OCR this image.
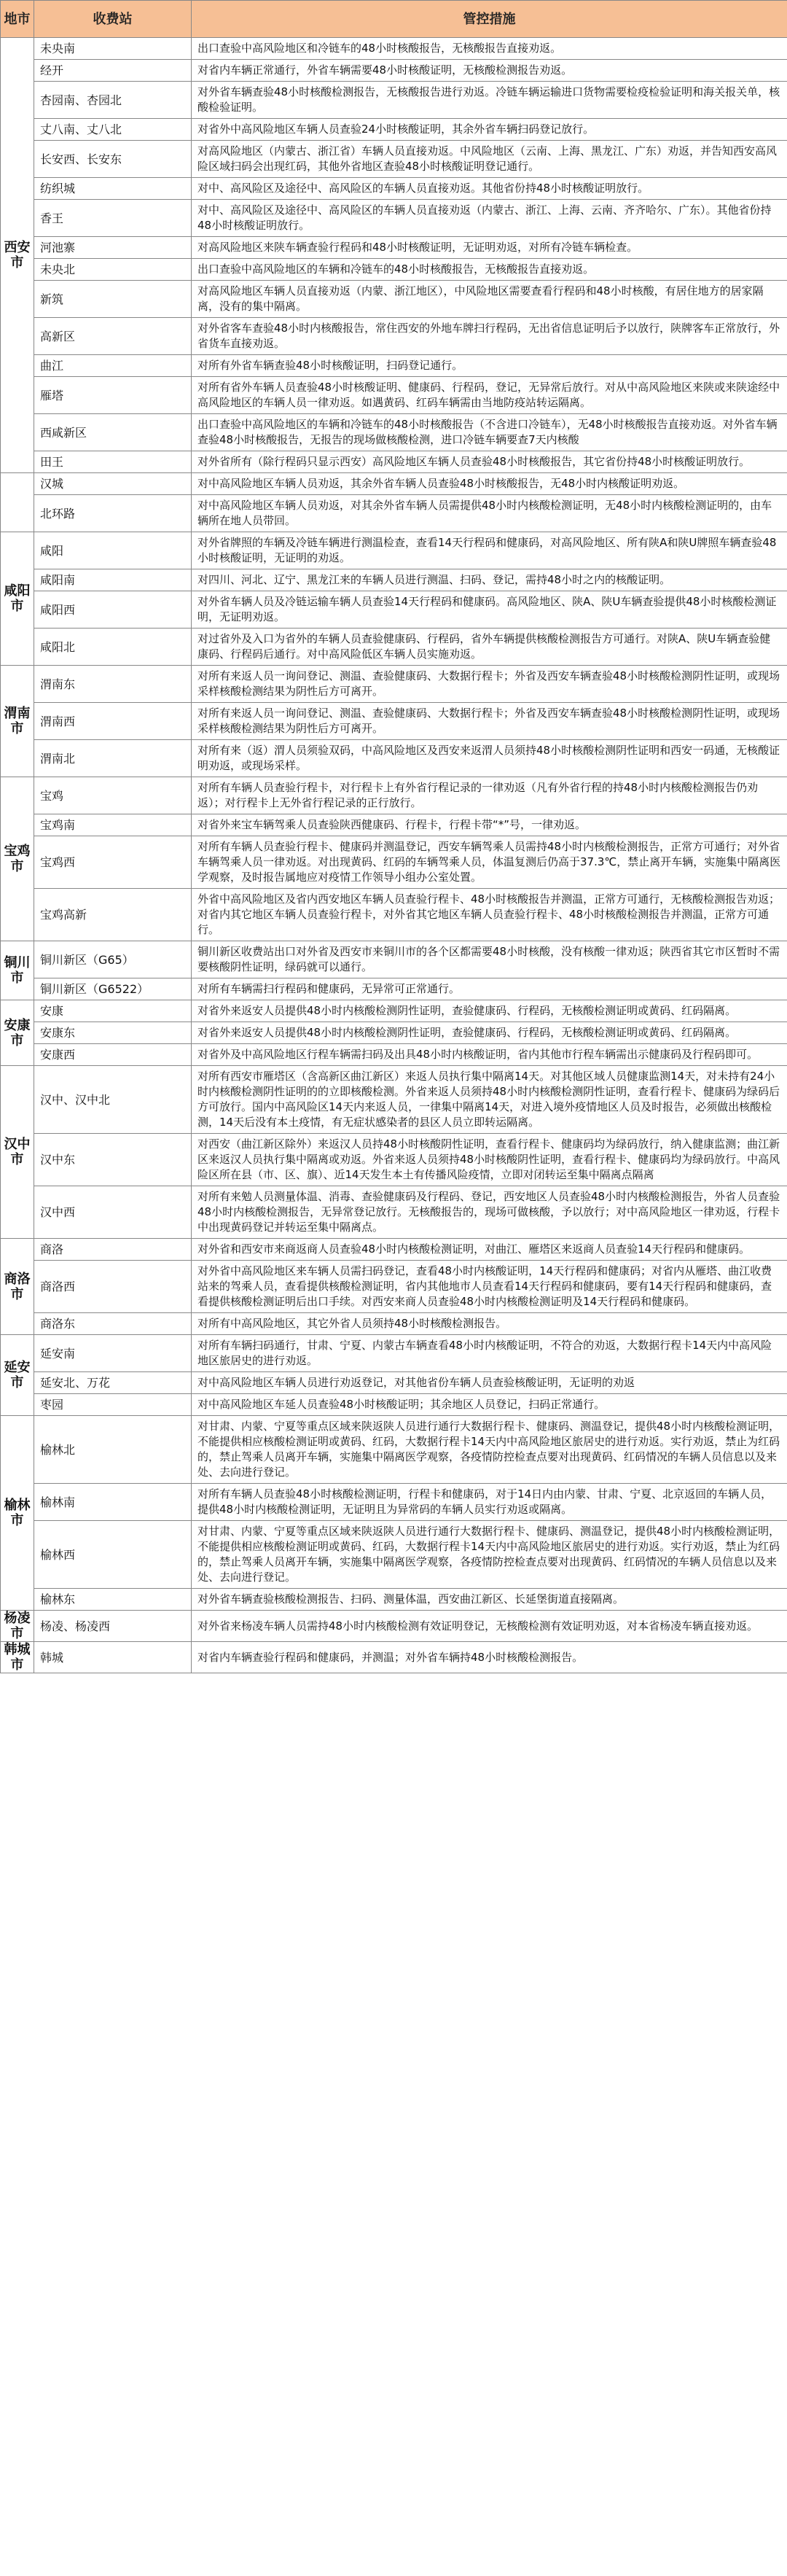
地市	收费站	管控措施
西安市	未央南	出口查验中高风险地区和冷链车的48小时核酸报告，无核酸报告直接劝返。
	经开	对省内车辆正常通行，外省车辆需要48小时核酸证明，无核酸检测报告劝返。
	杏园南、杏园北	对外省车辆查验48小时核酸检测报告，无核酸报告进行劝返。冷链车辆运输进口货物需要检疫检验证明和海关报关单，核酸检验证明。
	丈八南、丈八北	对省外中高风险地区车辆人员查验24小时核酸证明，其余外省车辆扫码登记放行。
	长安西、长安东	对高风险地区（内蒙古、浙江省）车辆人员直接劝返。中风险地区（云南、上海、黑龙江、广东）劝返，并告知西安高风险区域扫码会出现红码，其他外省地区查验48小时核酸证明登记通行。
	纺织城	对中、高风险区及途径中、高风险区的车辆人员直接劝返。其他省份持48小时核酸证明放行。
	香王	对中、高风险区及途径中、高风险区的车辆人员直接劝返（内蒙古、浙江、上海、云南、齐齐哈尔、广东）。其他省份持48小时核酸证明放行。
	河池寨	对高风险地区来陕车辆查验行程码和48小时核酸证明，无证明劝返，对所有冷链车辆检查。
	未央北	出口查验中高风险地区的车辆和冷链车的48小时核酸报告，无核酸报告直接劝返。
	新筑	对高风险地区车辆人员直接劝返（内蒙、浙江地区），中风险地区需要查看行程码和48小时核酸，有居住地方的居家隔离，没有的集中隔离。
	高新区	对外省客车查验48小时内核酸报告，常住西安的外地车牌扫行程码，无出省信息证明后予以放行，陕牌客车正常放行，外省货车直接劝返。
	曲江	对所有外省车辆查验48小时核酸证明，扫码登记通行。
	雁塔	对所有省外车辆人员查验48小时核酸证明、健康码、行程码，登记，无异常后放行。对从中高风险地区来陕或来陕途经中高风险地区的车辆人员一律劝返。如遇黄码、红码车辆需由当地防疫站转运隔离。
	西咸新区	出口查验中高风险地区的车辆和冷链车的48小时核酸报告（不含进口冷链车），无48小时核酸报告直接劝返。对外省车辆查验48小时核酸报告，无报告的现场做核酸检测，进口冷链车辆要查7天内核酸
	田王	对外省所有（除行程码只显示西安）高风险地区车辆人员查验48小时核酸报告，其它省份持48小时核酸证明放行。
	汉城	对中高风险地区车辆人员劝返，其余外省车辆人员查验48小时核酸报告，无48小时内核酸证明劝返。
	北环路	对中高风险地区车辆人员劝返，对其余外省车辆人员需提供48小时内核酸检测证明，无48小时内核酸检测证明的，由车辆所在地人员带回。
咸阳市	咸阳	对外省牌照的车辆及冷链车辆进行测温检查，查看14天行程码和健康码，对高风险地区、所有陕A和陕U牌照车辆查验48小时核酸证明，无证明的劝返。
	咸阳南	对四川、河北、辽宁、黑龙江来的车辆人员进行测温、扫码、登记，需持48小时之内的核酸证明。
	咸阳西	对外省车辆人员及冷链运输车辆人员查验14天行程码和健康码。高风险地区、陕A、陕U车辆查验提供48小时核酸检测证明，无证明劝返。
	咸阳北	对过省外及入口为省外的车辆人员查验健康码、行程码，省外车辆提供核酸检测报告方可通行。对陕A、陕U车辆查验健康码、行程码后通行。对中高风险低区车辆人员实施劝返。
渭南市	渭南东	对所有来返人员一询问登记、测温、查验健康码、大数据行程卡；外省及西安车辆查验48小时核酸检测阴性证明，或现场采样核酸检测结果为阴性后方可离开。
	渭南西	对所有来返人员一询问登记、测温、查验健康码、大数据行程卡；外省及西安车辆查验48小时核酸检测阴性证明，或现场采样核酸检测结果为阴性后方可离开。
	渭南北	对所有来（返）渭人员须验双码，中高风险地区及西安来返渭人员须持48小时核酸检测阴性证明和西安一码通，无核酸证明劝返，或现场采样。
宝鸡市	宝鸡	对所有车辆人员查验行程卡，对行程卡上有外省行程记录的一律劝返（凡有外省行程的持48小时内核酸检测报告仍劝返）；对行程卡上无外省行程记录的正行放行。
	宝鸡南	对省外来宝车辆驾乘人员查验陕西健康码、行程卡，行程卡带“*”号，一律劝返。
	宝鸡西	对所有车辆人员查验行程卡、健康码并测温登记，西安车辆驾乘人员需持48小时内核酸检测报告，正常方可通行；对外省车辆驾乘人员一律劝返。对出现黄码、红码的车辆驾乘人员，体温复测后仍高于37.3℃，禁止离开车辆，实施集中隔离医学观察，及时报告属地应对疫情工作领导小组办公室处置。
	宝鸡高新	外省中高风险地区及省内西安地区车辆人员查验行程卡、48小时核酸报告并测温，正常方可通行，无核酸检测报告劝返；对省内其它地区车辆人员查验行程卡，对外省其它地区车辆人员查验行程卡、48小时核酸检测报告并测温，正常方可通行。
铜川市	铜川新区（G65）	铜川新区收费站出口对外省及西安市来铜川市的各个区都需要48小时核酸，没有核酸一律劝返；陕西省其它市区暂时不需要核酸阴性证明，绿码就可以通行。
	铜川新区（G6522）	对所有车辆需扫行程码和健康码，无异常可正常通行。
安康市	安康	对省外来返安人员提供48小时内核酸检测阴性证明，查验健康码、行程码，无核酸检测证明或黄码、红码隔离。
	安康东	对省外来返安人员提供48小时内核酸检测阴性证明，查验健康码、行程码，无核酸检测证明或黄码、红码隔离。
	安康西	对省外及中高风险地区行程车辆需扫码及出具48小时内核酸证明，省内其他市行程车辆需出示健康码及行程码即可。
汉中市	汉中、汉中北	对所有西安市雁塔区（含高新区曲江新区）来返人员执行集中隔离14天。对其他区域人员健康监测14天，对未持有24小时内核酸检测阴性证明的的立即核酸检测。外省来返人员须持48小时内核酸检测阴性证明，查看行程卡、健康码为绿码后方可放行。国内中高风险区14天内来返人员，一律集中隔离14天，对进入境外疫情地区人员及时报告，必须做出核酸检测，14天后没有本土疫情，有无症状感染者的县区人员立即转运隔离。
	汉中东	对西安（曲江新区除外）来返汉人员持48小时核酸阴性证明，查看行程卡、健康码均为绿码放行，纳入健康监测；曲江新区来返汉人员执行集中隔离或劝返。外省来返人员须持48小时核酸阴性证明，查看行程卡、健康码均为绿码放行。中高风险区所在县（市、区、旗）、近14天发生本土有传播风险疫情，立即对闭转运至集中隔离点隔离
	汉中西	对所有来勉人员测量体温、消毒、查验健康码及行程码、登记，西安地区人员查验48小时内核酸检测报告，外省人员查验48小时内核酸检测报告，无异常登记放行。无核酸报告的，现场可做核酸，予以放行；对中高风险地区一律劝返，行程卡中出现黄码登记并转运至集中隔离点。
商洛市	商洛	对外省和西安市来商返商人员查验48小时内核酸检测证明，对曲江、雁塔区来返商人员查验14天行程码和健康码。
	商洛西	对外省中高风险地区来车辆人员需扫码登记，查看48小时内核酸证明，14天行程码和健康码；对省内从雁塔、曲江收费站来的驾乘人员，查看提供核酸检测证明，省内其他地市人员查看14天行程码和健康码，要有14天行程码和健康码，查看提供核酸检测证明后出口手续。对西安来商人员查验48小时内核酸检测证明及14天行程码和健康码。
	商洛东	对所有中高风险地区，其它外省人员须持48小时核酸检测报告。
延安市	延安南	对所有车辆扫码通行，甘肃、宁夏、内蒙古车辆查看48小时内核酸证明，不符合的劝返，大数据行程卡14天内中高风险地区旅居史的进行劝返。
	延安北、万花	对中高风险地区车辆人员进行劝返登记，对其他省份车辆人员查验核酸证明，无证明的劝返
	枣园	对中高风险地区车延人员查验48小时核酸证明；其余地区人员登记，扫码正常通行。
榆林市	榆林北	对甘肃、内蒙、宁夏等重点区域来陕返陕人员进行通行大数据行程卡、健康码、测温登记，提供48小时内核酸检测证明，不能提供相应核酸检测证明或黄码、红码，大数据行程卡14天内中高风险地区旅居史的进行劝返。实行劝返，禁止为红码的，禁止驾乘人员离开车辆，实施集中隔离医学观察，各疫情防控检查点要对出现黄码、红码情况的车辆人员信息以及来处、去向进行登记。
	榆林南	对所有车辆人员查验48小时核酸检测证明，行程卡和健康码，对于14日内由内蒙、甘肃、宁夏、北京返回的车辆人员，提供48小时内核酸检测证明，无证明且为异常码的车辆人员实行劝返或隔离。
	榆林西	对甘肃、内蒙、宁夏等重点区域来陕返陕人员进行通行大数据行程卡、健康码、测温登记，提供48小时内核酸检测证明，不能提供相应核酸检测证明或黄码、红码，大数据行程卡14天内中高风险地区旅居史的进行劝返。实行劝返，禁止为红码的，禁止驾乘人员离开车辆，实施集中隔离医学观察，各疫情防控检查点要对出现黄码、红码情况的车辆人员信息以及来处、去向进行登记。
	榆林东	对外省车辆查验核酸检测报告、扫码、测量体温，西安曲江新区、长延堡街道直接隔离。
杨凌市	杨凌、杨凌西	对外省来杨凌车辆人员需持48小时内核酸检测有效证明登记，无核酸检测有效证明劝返，对本省杨凌车辆直接劝返。
韩城市	韩城	对省内车辆查验行程码和健康码，并测温；对外省车辆持48小时核酸检测报告。
